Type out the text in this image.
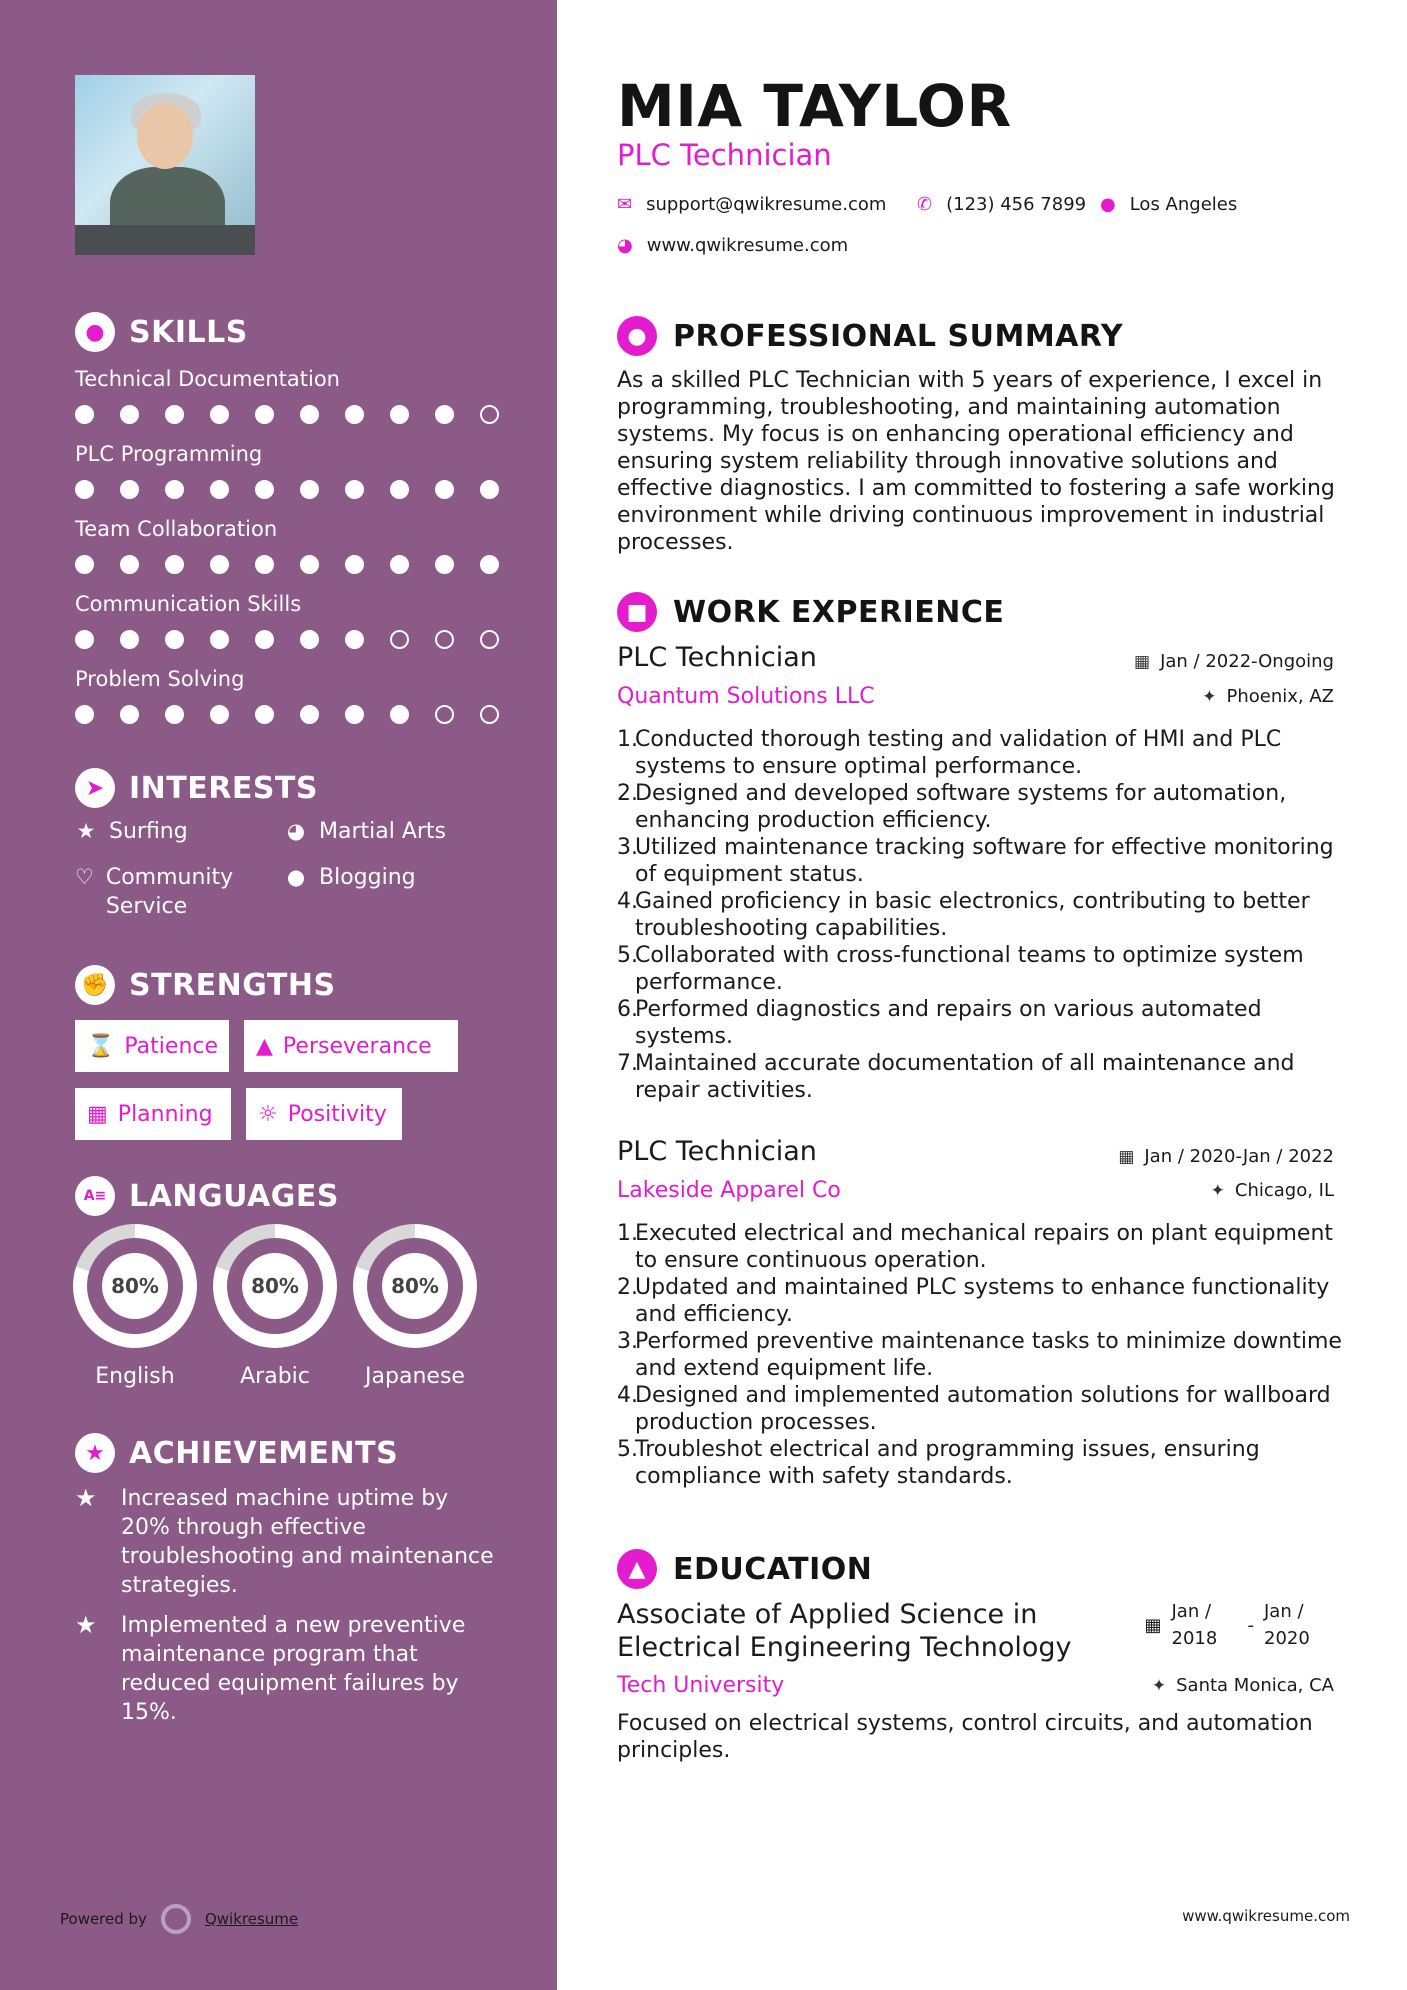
● SKILLS
Technical Documentation
PLC Programming
Team Collaboration
Communication Skills
Problem Solving
➤ INTERESTS
★ Surfing	◕ Martial Arts
♡ Community Service
● Blogging
✊ STRENGTHS
⌛ Patience ▲ Perseverance
▦ Planning ☼ Positivity
A≡ LANGUAGES
80%
English
80%
Arabic
80%
Japanese
★ ACHIEVEMENTS
★	Increased machine uptime by 20% through effective troubleshooting and maintenance strategies.
★	Implemented a new preventive maintenance program that reduced equipment failures by 15%.
Powered by	Qwikresume
MIA TAYLOR
PLC Technician
✉ support@qwikresume.com ✆ (123) 456 7899 ● Los Angeles
◕ www.qwikresume.com
● PROFESSIONAL SUMMARY
As a skilled PLC Technician with 5 years of experience, I excel in programming, troubleshooting, and maintaining automation systems. My focus is on enhancing operational efficiency and ensuring system reliability through innovative solutions and effective diagnostics. I am committed to fostering a safe working environment while driving continuous improvement in industrial processes.
■ WORK EXPERIENCE
PLC Technician	▦ Jan / 2022-Ongoing
Quantum Solutions LLC	✦ Phoenix, AZ
1.
Conducted thorough testing and validation of HMI and PLC systems to ensure optimal performance.
2.
Designed and developed software systems for automation, enhancing production efficiency.
3.
Utilized maintenance tracking software for effective monitoring of equipment status.
4.
Gained proficiency in basic electronics, contributing to better troubleshooting capabilities.
5.
Collaborated with cross-functional teams to optimize system performance.
6.
Performed diagnostics and repairs on various automated systems.
7.
Maintained accurate documentation of all maintenance and repair activities.
PLC Technician	▦ Jan / 2020-Jan / 2022
Lakeside Apparel Co	✦ Chicago, IL
1.
Executed electrical and mechanical repairs on plant equipment to ensure continuous operation.
2.
Updated and maintained PLC systems to enhance functionality and efficiency.
3.
Performed preventive maintenance tasks to minimize downtime and extend equipment life.
4.
Designed and implemented automation solutions for wallboard production processes.
5.
Troubleshot electrical and programming issues, ensuring compliance with safety standards.
▲ EDUCATION
Associate of Applied Science in Electrical Engineering Technology
▦
Jan / 2018
-
Jan / 2020
Tech University	✦ Santa Monica, CA
Focused on electrical systems, control circuits, and automation principles.
www.qwikresume.com
